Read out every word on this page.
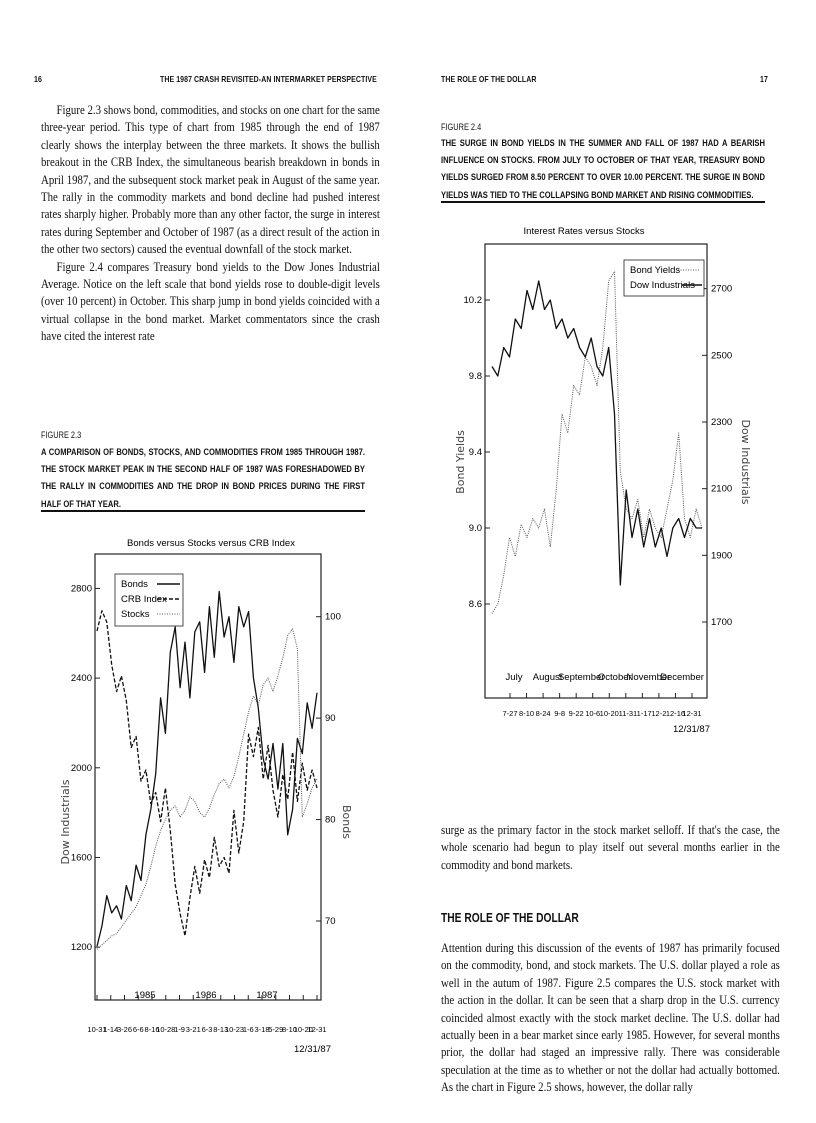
16	THE 1987 CRASH REVISITED-AN INTERMARKET PERSPECTIVE

Figure 2.3 shows bond, commodities, and stocks on one chart for the same three-year period. This type of chart from 1985 through the end of 1987 clearly shows the interplay between the three markets. It shows the bullish breakout in the CRB Index, the simultaneous bearish breakdown in bonds in April 1987, and the subsequent stock market peak in August of the same year. The rally in the commodity markets and bond decline had pushed interest rates sharply higher. Probably more than any other factor, the surge in interest rates during September and October of 1987 (as a direct result of the action in the other two sectors) caused the eventual downfall of the stock market.

Figure 2.4 compares Treasury bond yields to the Dow Jones Industrial Average. Notice on the left scale that bond yields rose to double-digit levels (over 10 percent) in October. This sharp jump in bond yields coincided with a virtual collapse in the bond market. Market commentators since the crash have cited the interest rate

FIGURE 2.3
A COMPARISON OF BONDS, STOCKS, AND COMMODITIES FROM 1985 THROUGH 1987. THE STOCK MARKET PEAK IN THE SECOND HALF OF 1987 WAS FORESHADOWED BY THE RALLY IN COMMODITIES AND THE DROP IN BOND PRICES DURING THE FIRST HALF OF THAT YEAR.
Bonds versus Stocks versus CRB Index
Dow Industrials	Bonds
2800
2400
2000
1600
1200
100
90
80
70
Bonds
CRB Index
Stocks
1985	1986	1987
10-31
1-14
3-26 6-6 8-16
10-28
1-9 3-21 6-3 8-13
10-23
1-6 3-18
5-29
8-10
10-20
12-31
12/31/87
THE ROLE OF THE DOLLAR	17
FIGURE 2.4
THE SURGE IN BOND YIELDS IN THE SUMMER AND FALL OF 1987 HAD A BEARISH INFLUENCE ON STOCKS. FROM JULY TO OCTOBER OF THAT YEAR, TREASURY BOND YIELDS SURGED FROM 8.50 PERCENT TO OVER 10.00 PERCENT. THE SURGE IN BOND YIELDS WAS TIED TO THE COLLAPSING BOND MARKET AND RISING COMMODITIES.
Interest Rates versus Stocks
Bond Yields	Dow Industrials
10.2
9.8
9.4
9.0
8.6
2700
2500
2300
2100
1900
1700
Bond Yields
Dow Industrials
July August
September
October
November
December
7-27 8-10 8-24 9-8 9-22 10-6 10-20 11-3 11-17 12-2 12-16
12-31
12/31/87

surge as the primary factor in the stock market selloff. If that's the case, the whole scenario had begun to play itself out several months earlier in the commodity and bond markets.

THE ROLE OF THE DOLLAR

Attention during this discussion of the events of 1987 has primarily focused on the commodity, bond, and stock markets. The U.S. dollar played a role as well in the autum of 1987. Figure 2.5 compares the U.S. stock market with the action in the dollar. It can be seen that a sharp drop in the U.S. currency coincided almost exactly with the stock market decline. The U.S. dollar had actually been in a bear market since early 1985. However, for several months prior, the dollar had staged an impressive rally. There was considerable speculation at the time as to whether or not the dollar had actually bottomed. As the chart in Figure 2.5 shows, however, the dollar rally
